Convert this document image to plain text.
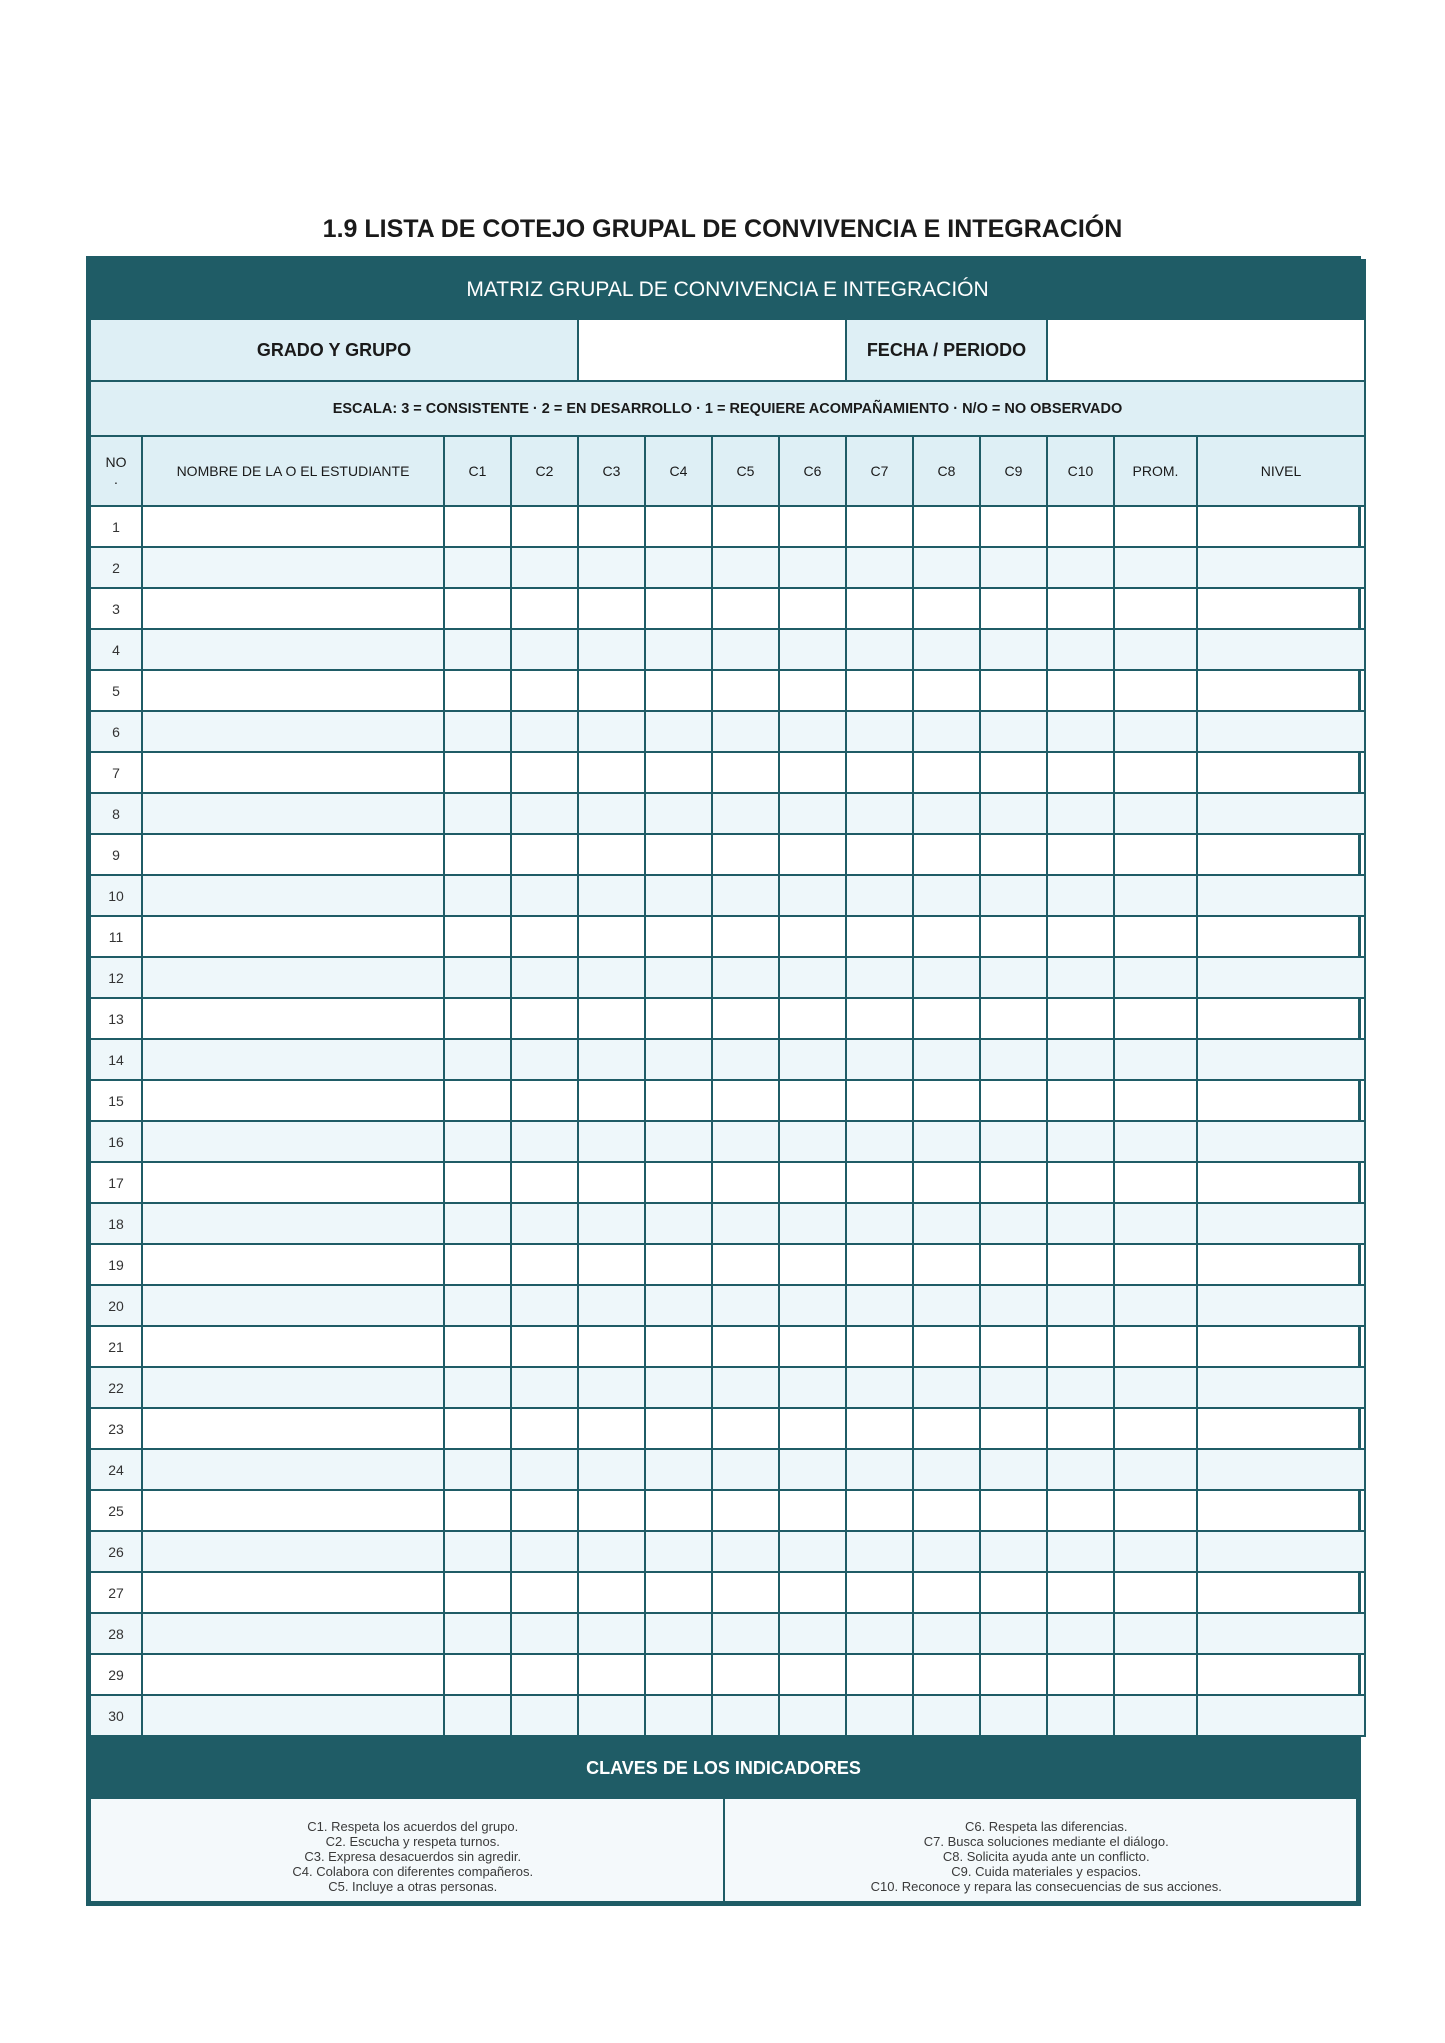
1.9 LISTA DE COTEJO GRUPAL DE CONVIVENCIA E INTEGRACIÓN
MATRIZ GRUPAL DE CONVIVENCIA E INTEGRACIÓN													
GRADO Y GRUPO								FECHA / PERIODO					
ESCALA: 3 = CONSISTENTE · 2 = EN DESARROLLO · 1 = REQUIERE ACOMPAÑAMIENTO · N/O = NO OBSERVADO													
NO
.	NOMBRE DE LA O EL ESTUDIANTE	C1	C2	C3	C4	C5	C6	C7	C8	C9	C10	PROM.	NIVEL
1													
2													
3													
4													
5													
6													
7													
8													
9													
10													
11													
12													
13													
14													
15													
16													
17													
18													
19													
20													
21													
22													
23													
24													
25													
26													
27													
28													
29													
30													
CLAVES DE LOS INDICADORES

C1. Respeta los acuerdos del grupo.
C2. Escucha y respeta turnos.
C3. Expresa desacuerdos sin agredir.
C4. Colabora con diferentes compañeros.
C5. Incluye a otras personas.

C6. Respeta las diferencias.
C7. Busca soluciones mediante el diálogo.
C8. Solicita ayuda ante un conflicto.
C9. Cuida materiales y espacios.
C10. Reconoce y repara las consecuencias de sus acciones.
